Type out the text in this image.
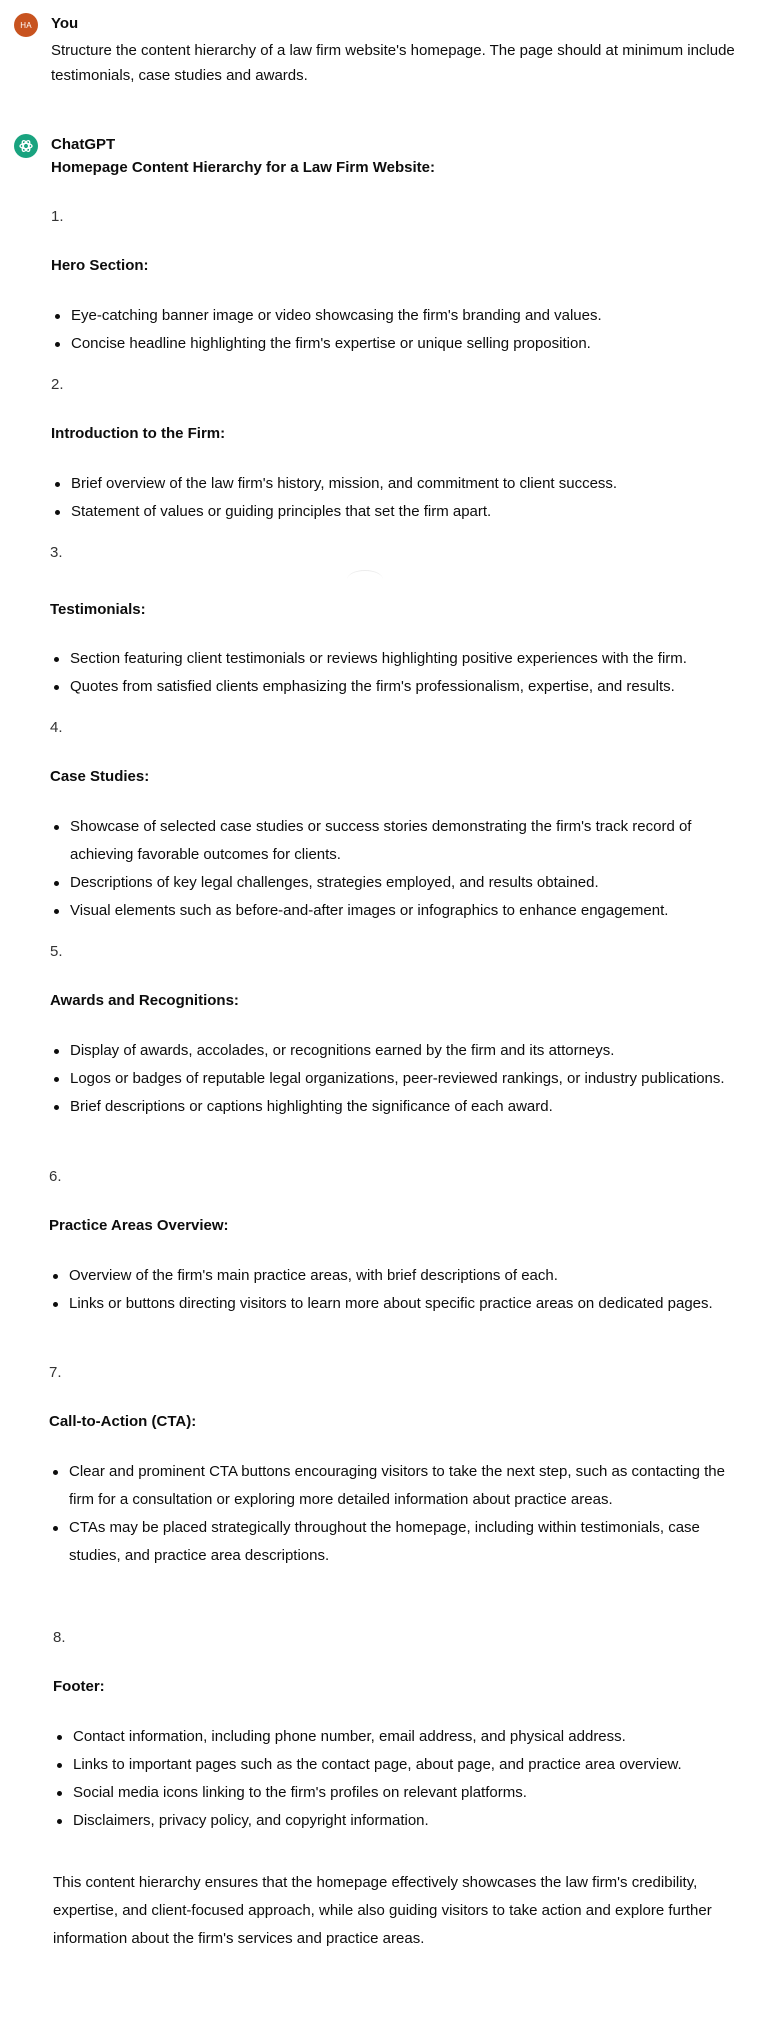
HA You
Structure the content hierarchy of a law firm website's homepage. The page should at minimum include testimonials, case studies and awards.
ChatGPT
Homepage Content Hierarchy for a Law Firm Website:
1.
Hero Section:
Eye-catching banner image or video showcasing the firm's branding and values.
Concise headline highlighting the firm's expertise or unique selling proposition.
2.
Introduction to the Firm:
Brief overview of the law firm's history, mission, and commitment to client success.
Statement of values or guiding principles that set the firm apart.
3.
Testimonials:
Section featuring client testimonials or reviews highlighting positive experiences with the firm.
Quotes from satisfied clients emphasizing the firm's professionalism, expertise, and results.
4.
Case Studies:
Showcase of selected case studies or success stories demonstrating the firm's track record of achieving favorable outcomes for clients.
Descriptions of key legal challenges, strategies employed, and results obtained.
Visual elements such as before-and-after images or infographics to enhance engagement.
5.
Awards and Recognitions:
Display of awards, accolades, or recognitions earned by the firm and its attorneys.
Logos or badges of reputable legal organizations, peer-reviewed rankings, or industry publications.
Brief descriptions or captions highlighting the significance of each award.
6.
Practice Areas Overview:
Overview of the firm's main practice areas, with brief descriptions of each.
Links or buttons directing visitors to learn more about specific practice areas on dedicated pages.
7.
Call-to-Action (CTA):
Clear and prominent CTA buttons encouraging visitors to take the next step, such as contacting the firm for a consultation or exploring more detailed information about practice areas.
CTAs may be placed strategically throughout the homepage, including within testimonials, case studies, and practice area descriptions.
8.
Footer:
Contact information, including phone number, email address, and physical address.
Links to important pages such as the contact page, about page, and practice area overview.
Social media icons linking to the firm's profiles on relevant platforms.
Disclaimers, privacy policy, and copyright information.
This content hierarchy ensures that the homepage effectively showcases the law firm's credibility, expertise, and client-focused approach, while also guiding visitors to take action and explore further information about the firm's services and practice areas.
